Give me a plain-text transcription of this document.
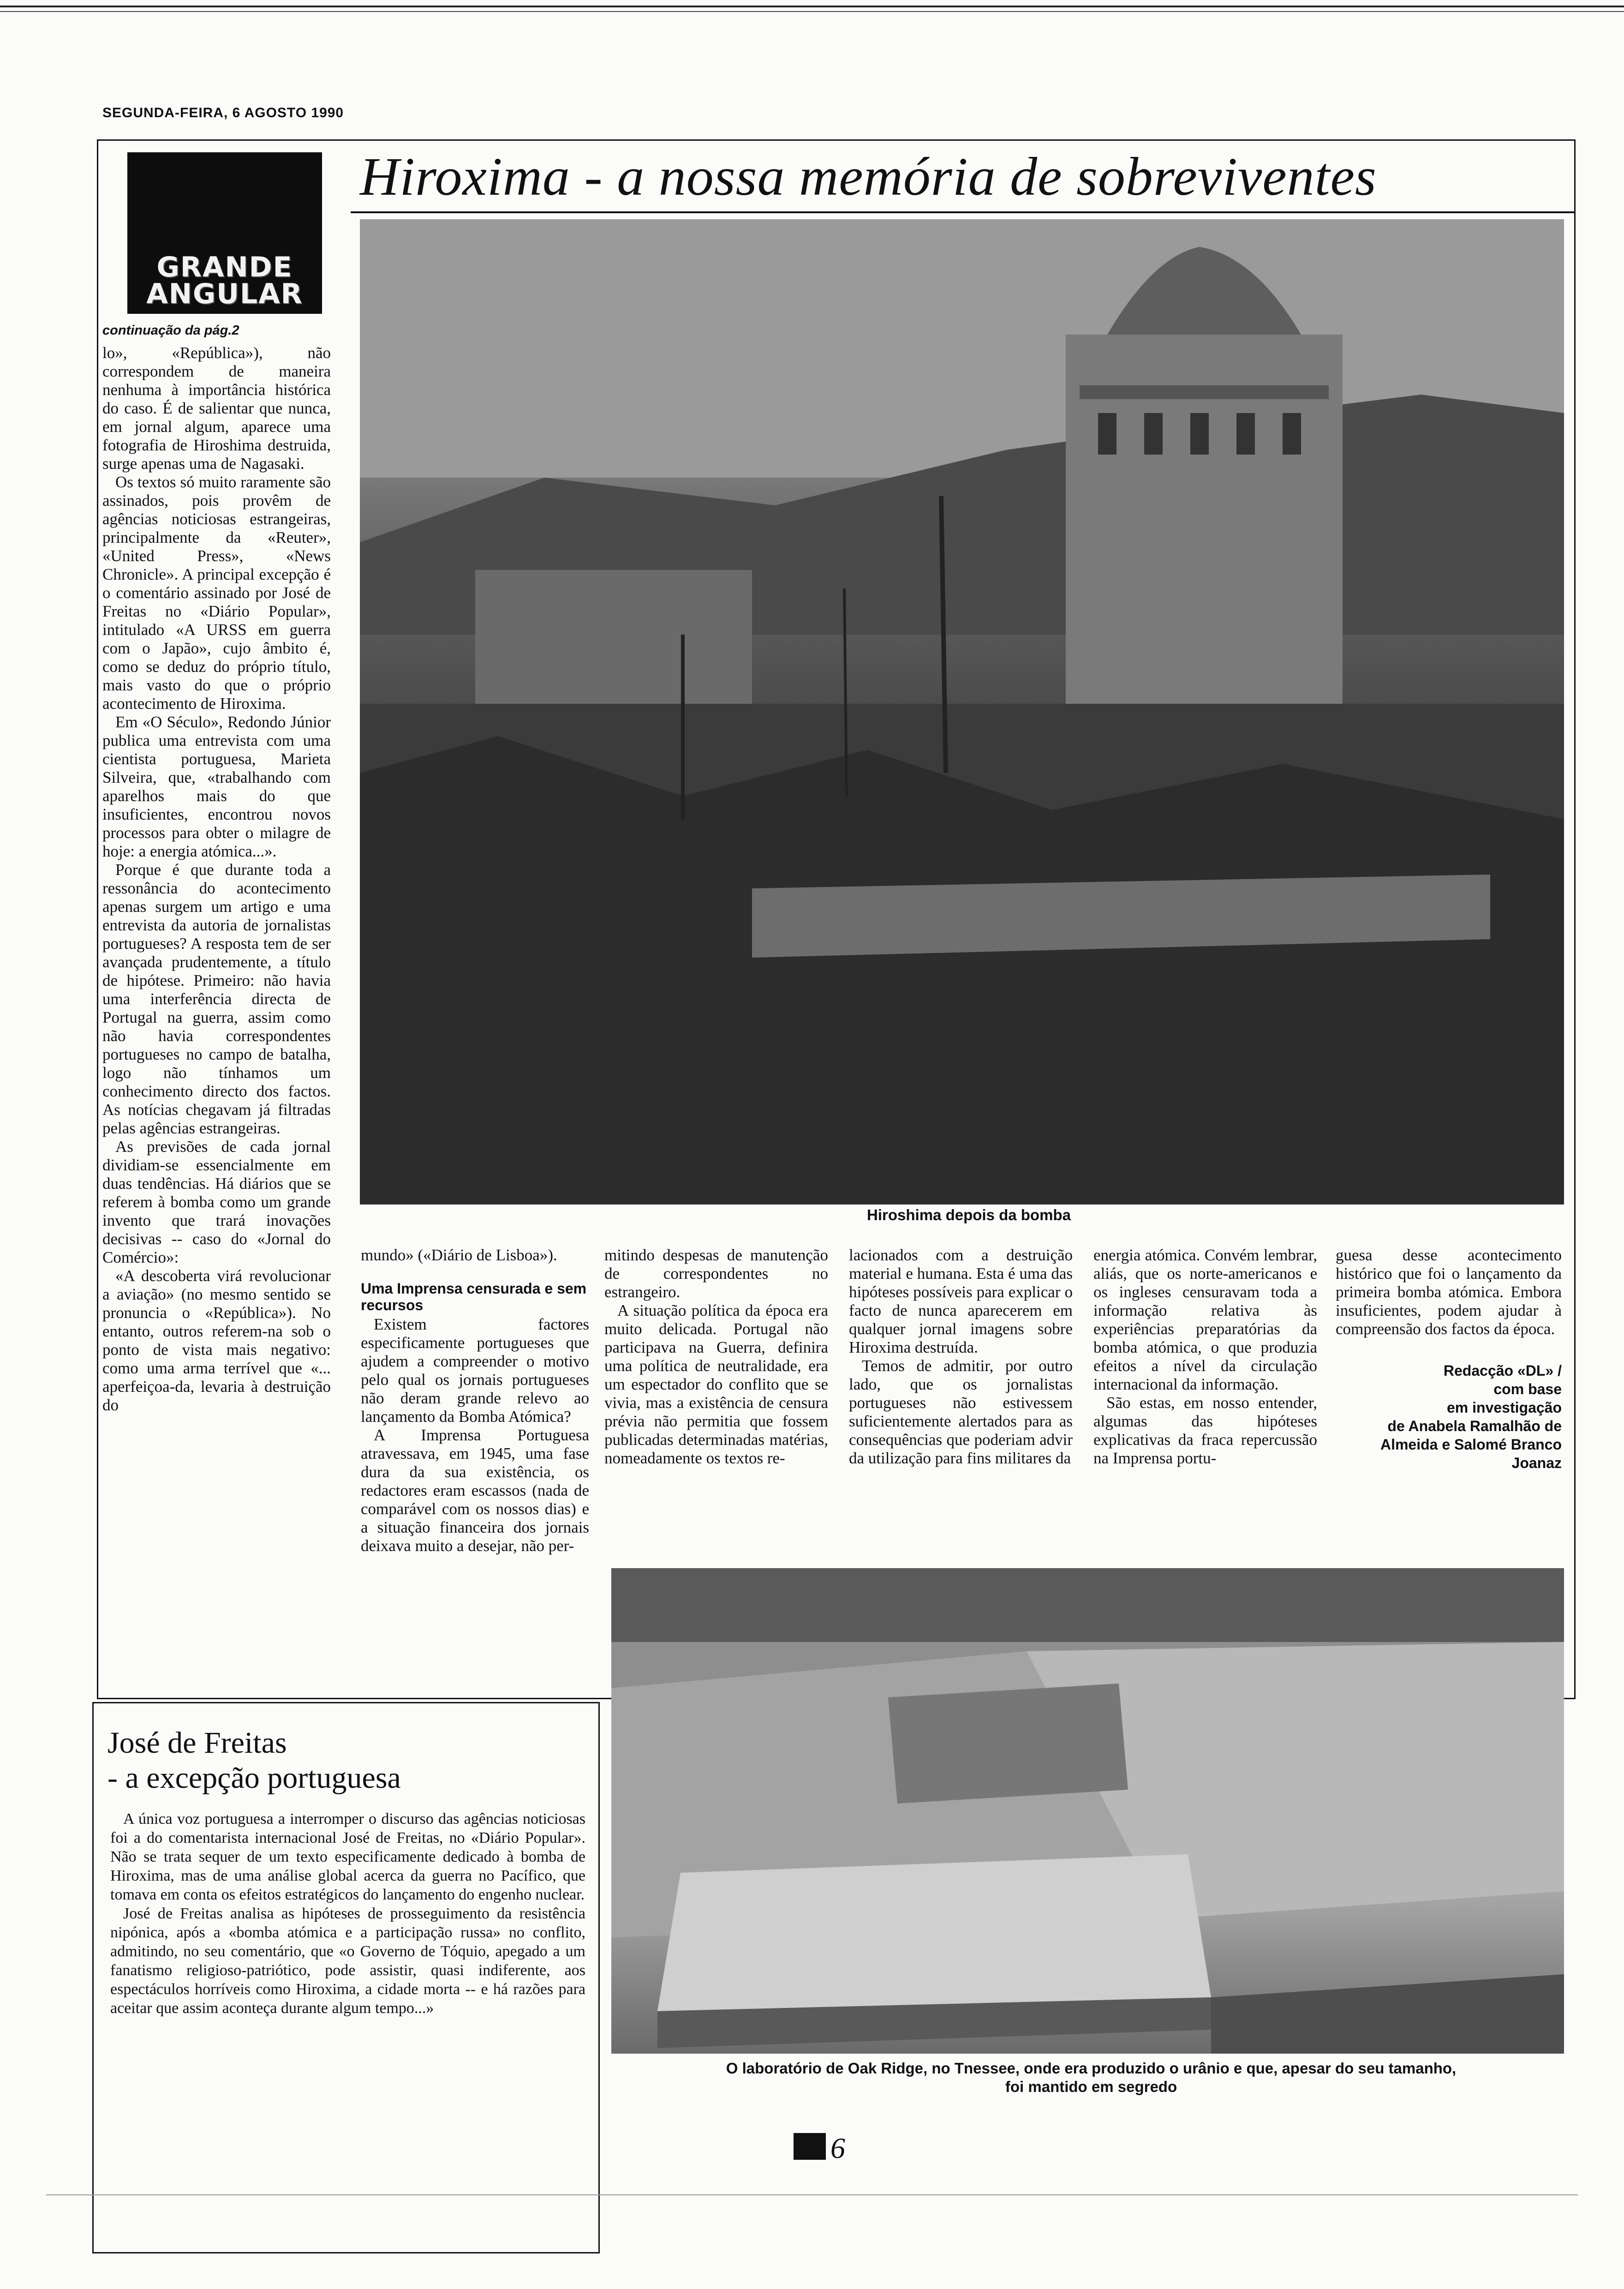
SEGUNDA-FEIRA, 6 AGOSTO 1990
GRANDE
ANGULAR
Hiroxima - a nossa memória de sobreviventes
continuação da pág.2

lo», «República»), não correspondem de maneira nenhuma à importância histórica do caso. É de salientar que nunca, em jornal algum, aparece uma fotografia de Hiroshima destruida, surge apenas uma de Nagasaki.

Os textos só muito raramente são assinados, pois provêm de agências noticiosas estrangeiras, principalmente da «Reuter», «United Press», «News Chronicle». A principal excepção é o comentário assinado por José de Freitas no «Diário Popular», intitulado «A URSS em guerra com o Japão», cujo âmbito é, como se deduz do próprio título, mais vasto do que o próprio acontecimento de Hiroxima.

Em «O Século», Redondo Júnior publica uma entrevista com uma cientista portuguesa, Marieta Silveira, que, «trabalhando com aparelhos mais do que insuficientes, encontrou novos processos para obter o milagre de hoje: a energia atómica...».

Porque é que durante toda a ressonância do acontecimento apenas surgem um artigo e uma entrevista da autoria de jornalistas portugueses? A resposta tem de ser avançada prudentemente, a título de hipótese. Primeiro: não havia uma interferência directa de Portugal na guerra, assim como não havia correspondentes portugueses no campo de batalha, logo não tínhamos um conhecimento directo dos factos. As notícias chegavam já filtradas pelas agências estrangeiras.

As previsões de cada jornal dividiam-se essencialmente em duas tendências. Há diários que se referem à bomba como um grande invento que trará inovações decisivas -- caso do «Jornal do Comércio»:

«A descoberta virá revolucionar a aviação» (no mesmo sentido se pronuncia o «República»). No entanto, outros referem-na sob o ponto de vista mais negativo: como uma arma terrível que «... aperfeiçoa-da, levaria à destruição do

Hiroshima depois da bomba

mundo» («Diário de Lisboa»).

Uma Imprensa censurada e sem recursos

Existem factores especificamente portugueses que ajudem a compreender o motivo pelo qual os jornais portugueses não deram grande relevo ao lançamento da Bomba Atómica?

A Imprensa Portuguesa atravessava, em 1945, uma fase dura da sua existência, os redactores eram escassos (nada de comparável com os nossos dias) e a situação financeira dos jornais deixava muito a desejar, não per-

mitindo despesas de manutenção de correspondentes no estrangeiro.

A situação política da época era muito delicada. Portugal não participava na Guerra, definira uma política de neutralidade, era um espectador do conflito que se vivia, mas a existência de censura prévia não permitia que fossem publicadas determinadas matérias, nomeadamente os textos re-

lacionados com a destruição material e humana. Esta é uma das hipóteses possíveis para explicar o facto de nunca aparecerem em qualquer jornal imagens sobre Hiroxima destruída.

Temos de admitir, por outro lado, que os jornalistas portugueses não estivessem suficientemente alertados para as consequências que poderiam advir da utilização para fins militares da

energia atómica. Convém lembrar, aliás, que os norte-americanos e os ingleses censuravam toda a informação relativa às experiências preparatórias da bomba atómica, o que produzia efeitos a nível da circulação internacional da informação.

São estas, em nosso entender, algumas das hipóteses explicativas da fraca repercussão na Imprensa portu-

guesa desse acontecimento histórico que foi o lançamento da primeira bomba atómica. Embora insuficientes, podem ajudar à compreensão dos factos da época.

Redacção «DL» /
com base
em investigação
de Anabela Ramalhão de
Almeida e Salomé Branco
Joanaz
O laboratório de Oak Ridge, no Tnessee, onde era produzido o urânio e que, apesar do seu tamanho,
foi mantido em segredo
José de Freitas
- a excepção portuguesa

A única voz portuguesa a interromper o discurso das agências noticiosas foi a do comentarista internacional José de Freitas, no «Diário Popular». Não se trata sequer de um texto especificamente dedicado à bomba de Hiroxima, mas de uma análise global acerca da guerra no Pacífico, que tomava em conta os efeitos estratégicos do lançamento do engenho nuclear.

José de Freitas analisa as hipóteses de prosseguimento da resistência nipónica, após a «bomba atómica e a participação russa» no conflito, admitindo, no seu comentário, que «o Governo de Tóquio, apegado a um fanatismo religioso-patriótico, pode assistir, quasi indiferente, aos espectáculos horríveis como Hiroxima, a cidade morta -- e há razões para aceitar que assim aconteça durante algum tempo...»

6
